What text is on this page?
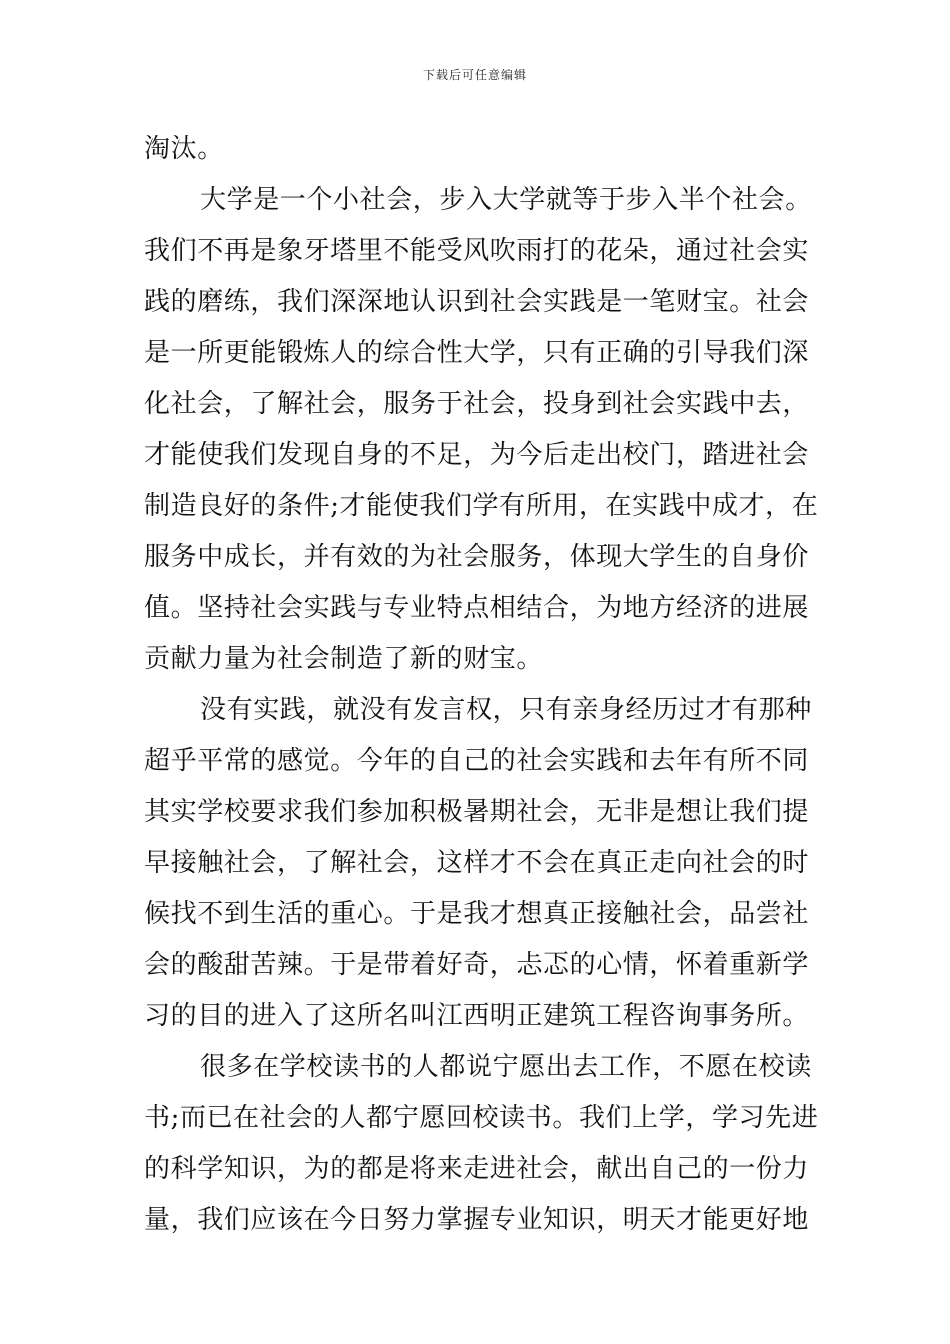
下载后可任意编辑
淘汰。
大学是一个小社会，步入大学就等于步入半个社会。
我们不再是象牙塔里不能受风吹雨打的花朵，通过社会实
践的磨练，我们深深地认识到社会实践是一笔财宝。社会
是一所更能锻炼人的综合性大学，只有正确的引导我们深
化社会，了解社会，服务于社会，投身到社会实践中去，
才能使我们发现自身的不足，为今后走出校门，踏进社会
制造良好的条件;才能使我们学有所用，在实践中成才，在
服务中成长，并有效的为社会服务，体现大学生的自身价
值。坚持社会实践与专业特点相结合，为地方经济的进展
贡献力量为社会制造了新的财宝。
没有实践，就没有发言权，只有亲身经历过才有那种
超乎平常的感觉。今年的自己的社会实践和去年有所不同
其实学校要求我们参加积极暑期社会，无非是想让我们提
早接触社会，了解社会，这样才不会在真正走向社会的时
候找不到生活的重心。于是我才想真正接触社会，品尝社
会的酸甜苦辣。于是带着好奇，忐忑的心情，怀着重新学
习的目的进入了这所名叫江西明正建筑工程咨询事务所。
很多在学校读书的人都说宁愿出去工作，不愿在校读
书;而已在社会的人都宁愿回校读书。我们上学，学习先进
的科学知识，为的都是将来走进社会，献出自己的一份力
量，我们应该在今日努力掌握专业知识，明天才能更好地
